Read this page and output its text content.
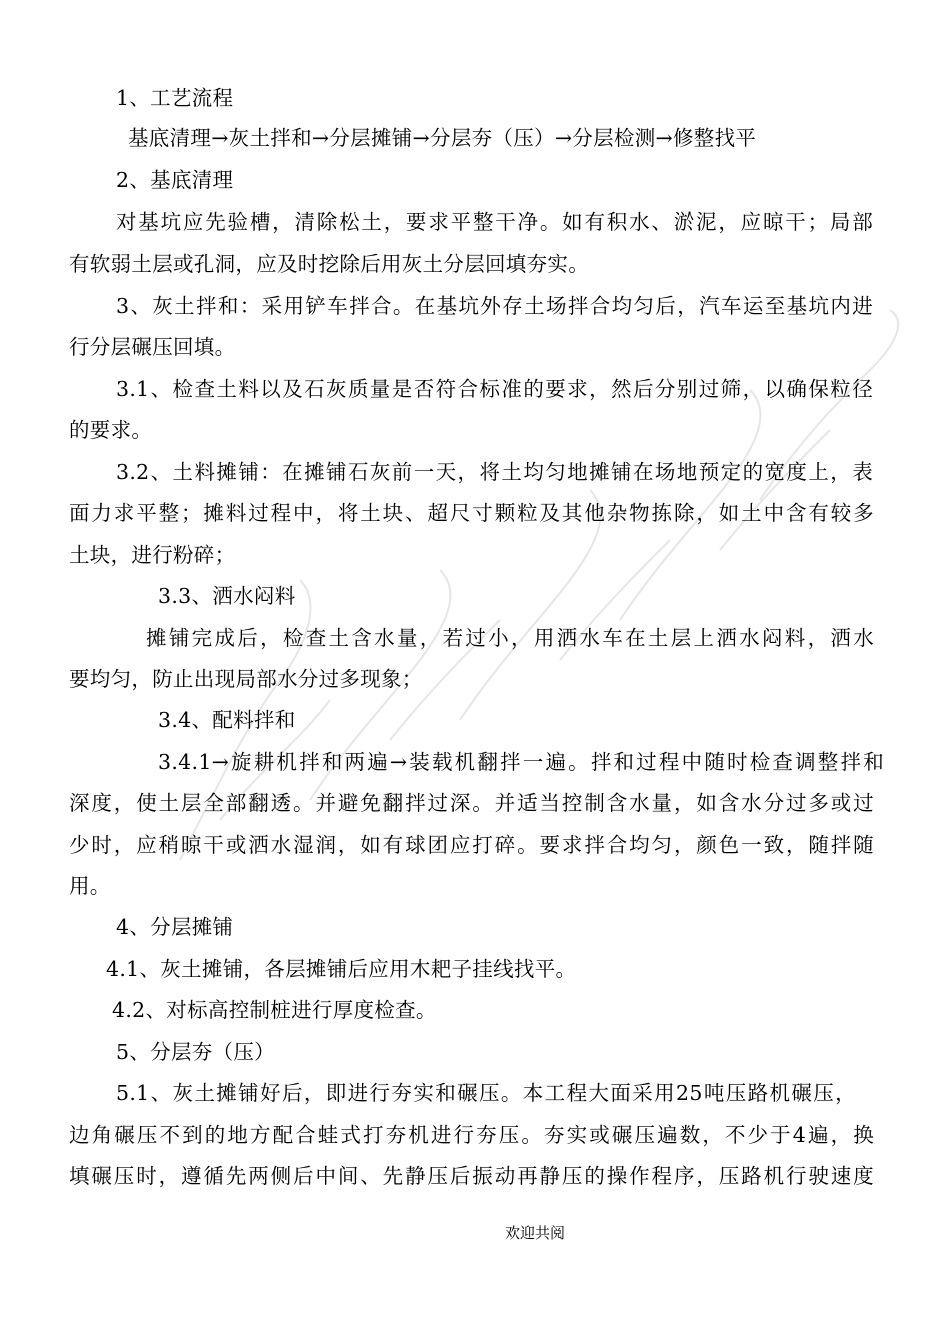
1、工艺流程
基底清理→灰土拌和→分层摊铺→分层夯（压）→分层检测→修整找平
2、基底清理
对基坑应先验槽，清除松土，要求平整干净。如有积水、淤泥，应晾干；局部
有软弱土层或孔洞，应及时挖除后用灰土分层回填夯实。
3、灰土拌和：采用铲车拌合。在基坑外存土场拌合均匀后，汽车运至基坑内进
行分层碾压回填。
3.1、检查土料以及石灰质量是否符合标准的要求，然后分别过筛，以确保粒径
的要求。
3.2、土料摊铺：在摊铺石灰前一天，将土均匀地摊铺在场地预定的宽度上，表
面力求平整；摊料过程中，将土块、超尺寸颗粒及其他杂物拣除，如土中含有较多
土块，进行粉碎；
3.3、洒水闷料
摊铺完成后，检查土含水量，若过小，用洒水车在土层上洒水闷料，洒水
要均匀，防止出现局部水分过多现象；
3.4、配料拌和
3.4.1→旋耕机拌和两遍→装载机翻拌一遍。拌和过程中随时检查调整拌和
深度，使土层全部翻透。并避免翻拌过深。并适当控制含水量，如含水分过多或过
少时，应稍晾干或洒水湿润，如有球团应打碎。要求拌合均匀，颜色一致，随拌随
用。
4、分层摊铺
4.1、灰土摊铺，各层摊铺后应用木耙子挂线找平。
4.2、对标高控制桩进行厚度检查。
5、分层夯（压）
5.1、灰土摊铺好后，即进行夯实和碾压。本工程大面采用25吨压路机碾压，
边角碾压不到的地方配合蛙式打夯机进行夯压。夯实或碾压遍数，不少于4遍，换
填碾压时，遵循先两侧后中间、先静压后振动再静压的操作程序，压路机行驶速度
欢迎共阅
